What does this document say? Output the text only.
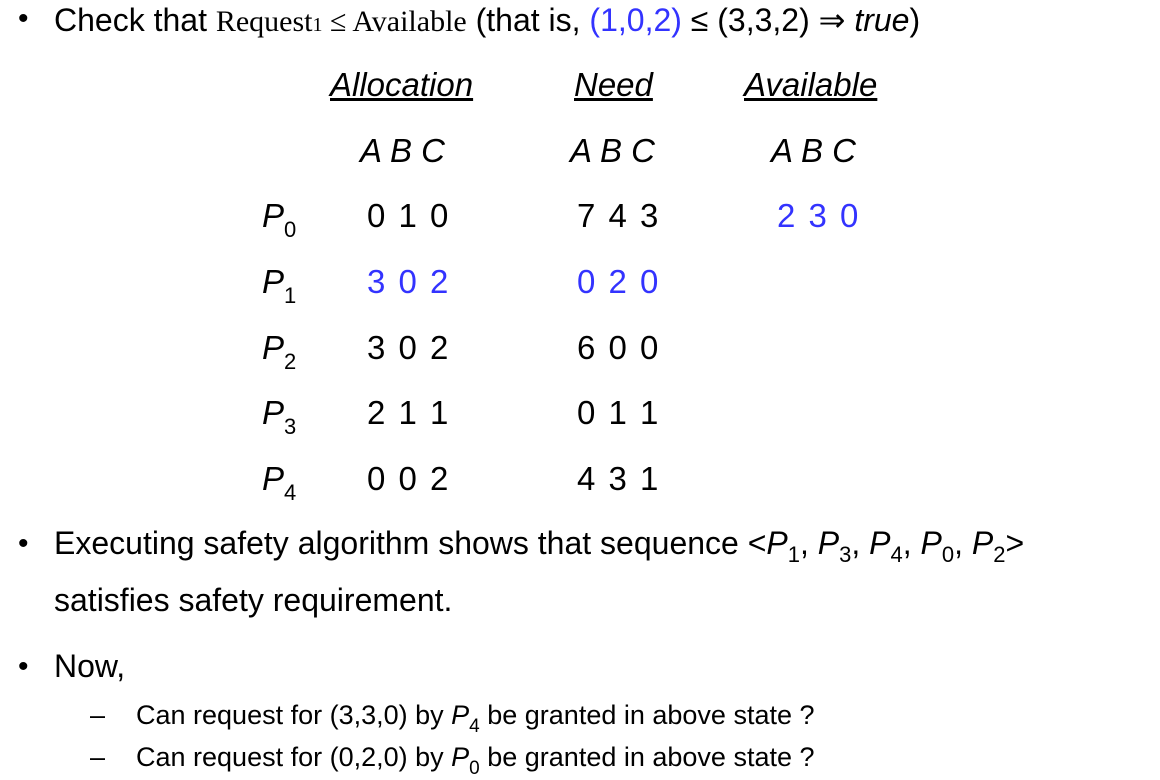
• Check that Request1 ≤ Available (that is, (1,0,2) ≤ (3,3,2) ⇒ true)
Allocation	Need	Available
A B C	A B C	A B C
$P_0$ 0 1 0	7 4 3	2 3 0
$P_1$ 3 0 2	0 2 0
$P_2$ 3 0 2	6 0 0
$P_3$ 2 1 1	0 1 1
$P_4$ 0 0 2	4 3 1
• Executing safety algorithm shows that sequence $<P_1$, $P_3$, $P_4$, $P_0$, $P_2>$
satisfies safety requirement.
• Now,
– Can request for (3,3,0) by $P_4$ be granted in above state ?
– Can request for (0,2,0) by $P_0$ be granted in above state ?
